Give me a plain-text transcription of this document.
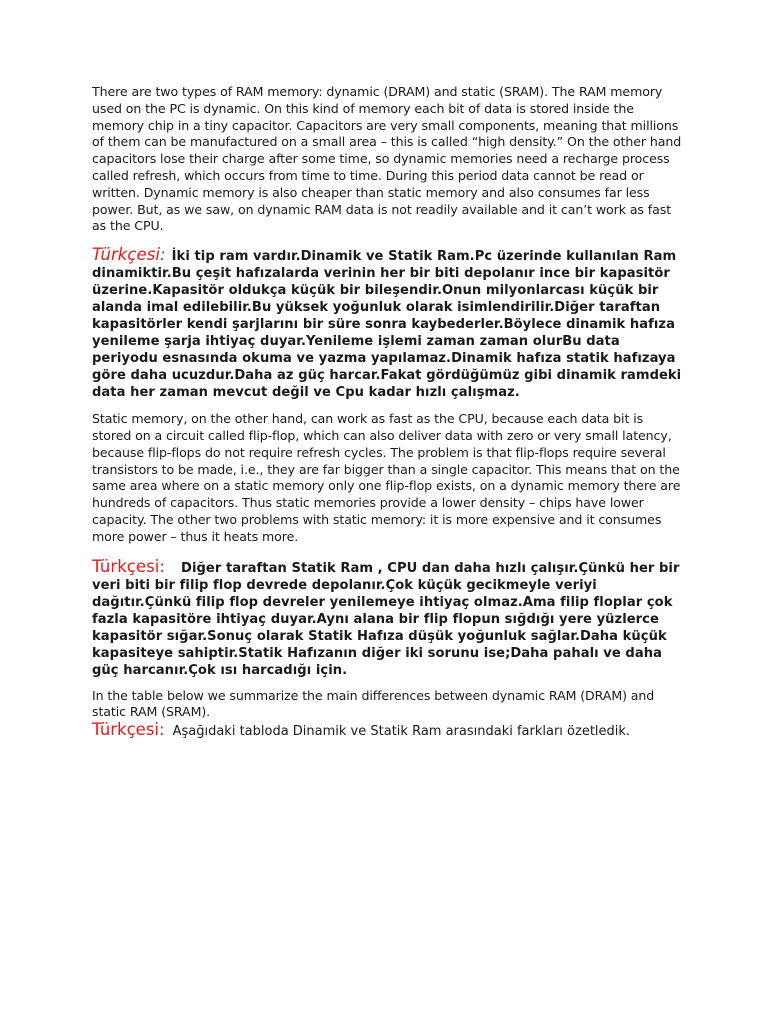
There are two types of RAM memory: dynamic (DRAM) and static (SRAM). The RAM memory used on the PC is dynamic. On this kind of memory each bit of data is stored inside the memory chip in a tiny capacitor. Capacitors are very small components, meaning that millions of them can be manufactured on a small area – this is called “high density.” On the other hand capacitors lose their charge after some time, so dynamic memories need a recharge process called refresh, which occurs from time to time. During this period data cannot be read or written. Dynamic memory is also cheaper than static memory and also consumes far less power. But, as we saw, on dynamic RAM data is not readily available and it can’t work as fast as the CPU.

Türkçesi: İki tip ram vardır.Dinamik ve Statik Ram.Pc üzerinde kullanılan Ram dinamiktir.Bu çeşit hafızalarda verinin her bir biti depolanır ince bir kapasitör üzerine.Kapasitör oldukça küçük bir bileşendir.Onun milyonlarcası küçük bir alanda imal edilebilir.Bu yüksek yoğunluk olarak isimlendirilir.Diğer taraftan kapasitörler kendi şarjlarını bir süre sonra kaybederler.Böylece dinamik hafıza yenileme şarja ihtiyaç duyar.Yenileme işlemi zaman zaman olurBu data periyodu esnasında okuma ve yazma yapılamaz.Dinamik hafıza statik hafızaya göre daha ucuzdur.Daha az güç harcar.Fakat gördüğümüz gibi dinamik ramdeki data her zaman mevcut değil ve Cpu kadar hızlı çalışmaz.

Static memory, on the other hand, can work as fast as the CPU, because each data bit is stored on a circuit called flip-flop, which can also deliver data with zero or very small latency, because flip-flops do not require refresh cycles. The problem is that flip-flops require several transistors to be made, i.e., they are far bigger than a single capacitor. This means that on the same area where on a static memory only one flip-flop exists, on a dynamic memory there are hundreds of capacitors. Thus static memories provide a lower density – chips have lower capacity. The other two problems with static memory: it is more expensive and it consumes more power – thus it heats more.

Türkçesi: Diğer taraftan Statik Ram , CPU dan daha hızlı çalışır.Çünkü her bir veri biti bir filip flop devrede depolanır.Çok küçük gecikmeyle veriyi dağıtır.Çünkü filip flop devreler yenilemeye ihtiyaç olmaz.Ama filip floplar çok fazla kapasitöre ihtiyaç duyar.Aynı alana bir flip flopun sığdığı yere yüzlerce kapasitör sığar.Sonuç olarak Statik Hafıza düşük yoğunluk sağlar.Daha küçük kapasiteye sahiptir.Statik Hafızanın diğer iki sorunu ise;Daha pahalı ve daha güç harcanır.Çok ısı harcadığı için.

In the table below we summarize the main differences between dynamic RAM (DRAM) and static RAM (SRAM).

Türkçesi: Aşağıdaki tabloda Dinamik ve Statik Ram arasındaki farkları özetledik.
